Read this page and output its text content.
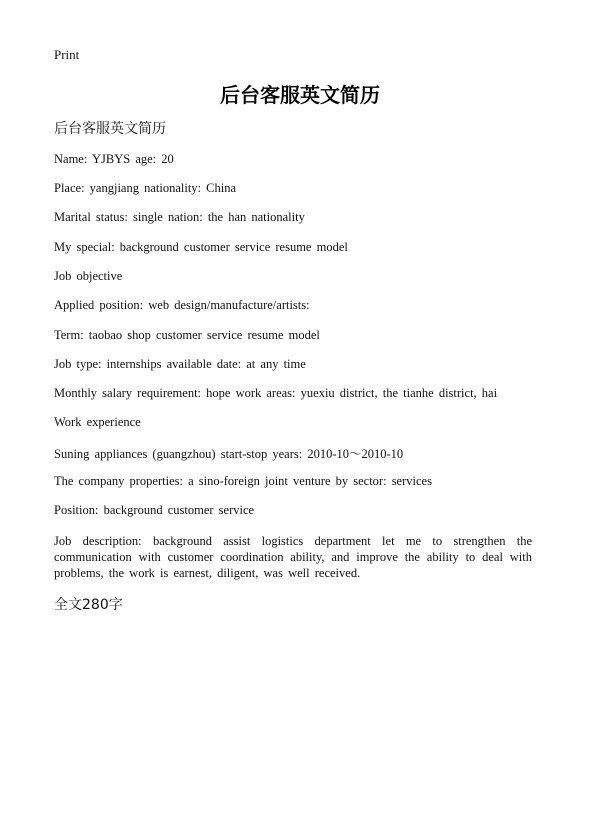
Print
后台客服英文简历
后台客服英文简历
Name: YJBYS age: 20
Place: yangjiang nationality: China
Marital status: single nation: the han nationality
My special: background customer service resume model
Job objective
Applied position: web design/manufacture/artists:
Term: taobao shop customer service resume model
Job type: internships available date: at any time
Monthly salary requirement: hope work areas: yuexiu district, the tianhe district, hai
Work experience
Suning appliances (guangzhou) start-stop years: 2010-10～2010-10
The company properties: a sino-foreign joint venture by sector: services
Position: background customer service
Job description: background assist logistics department let me to strengthen the communication with customer coordination ability, and improve the ability to deal with problems, the work is earnest, diligent, was well received.
全文280字
